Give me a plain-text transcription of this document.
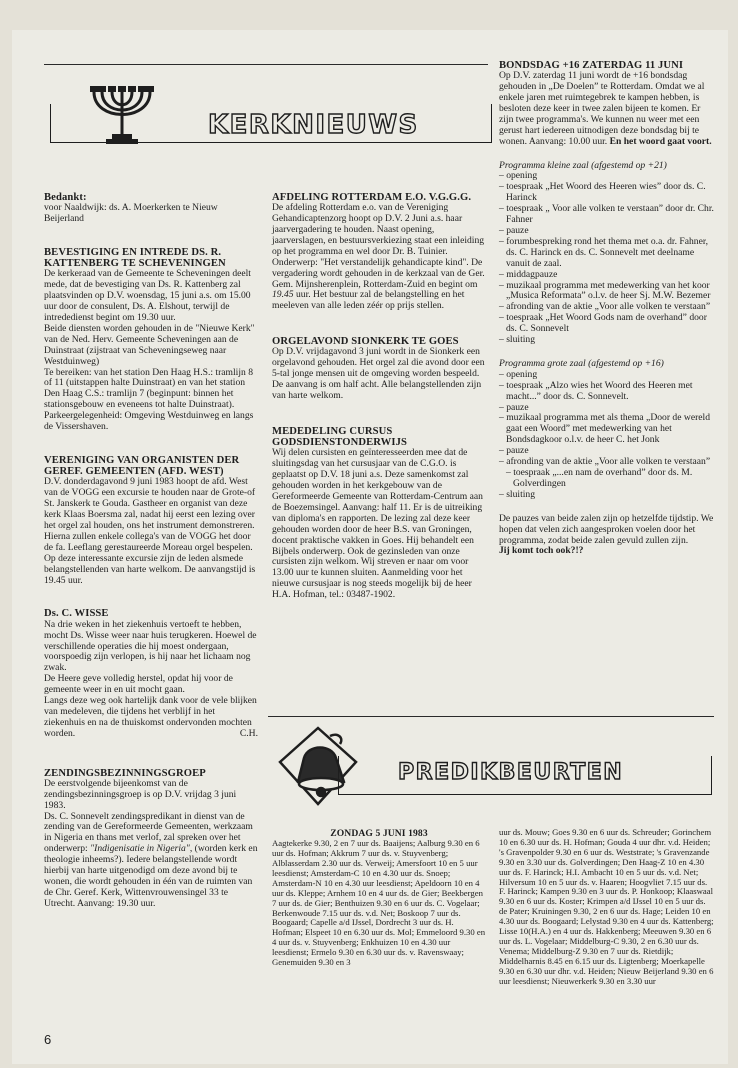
KERKNIEUWS

BONDSDAG +16 ZATERDAG 11 JUNI

Op D.V. zaterdag 11 juni wordt de +16 bondsdag gehouden in „De Doelen” te Rotterdam. Omdat we al enkele jaren met ruimtegebrek te kampen hebben, is besloten deze keer in twee zalen bijeen te komen. Er zijn twee programma's. We kunnen nu weer met een gerust hart iedereen uitnodigen deze bondsdag bij te wonen. Aanvang: 10.00 uur. En het woord gaat voort.

Programma kleine zaal (afgestemd op +21)

– opening
– toespraak „Het Woord des Heeren wies” door ds. C. Harinck
– toespraak „ Voor alle volken te verstaan” door dr. Chr. Fahner
– pauze
– forumbespreking rond het thema met o.a. dr. Fahner, ds. C. Harinck en ds. C. Sonnevelt met deelname vanuit de zaal.
– middagpauze
– muzikaal programma met medewerking van het koor „Musica Reformata” o.l.v. de heer Sj. M.W. Bezemer
– afronding van de aktie „Voor alle volken te verstaan”
– toespraak „Het Woord Gods nam de overhand” door ds. C. Sonnevelt
– sluiting

Programma grote zaal (afgestemd op +16)

– opening
– toespraak „Alzo wies het Woord des Heeren met macht...” door ds. C. Sonnevelt.
– pauze
– muzikaal programma met als thema „Door de wereld gaat een Woord” met medewerking van het Bondsdagkoor o.l.v. de heer C. het Jonk
– pauze
– afronding van de aktie „Voor alle volken te verstaan”
– toespraak „...en nam de overhand” door ds. M. Golverdingen
– sluiting

De pauzes van beide zalen zijn op hetzelfde tijdstip. We hopen dat velen zich aangesproken voelen door het programma, zodat beide zalen gevuld zullen zijn.

Jij komt toch ook?!?

Bedankt:

voor Naaldwijk: ds. A. Moerkerken te Nieuw Beijerland

BEVESTIGING EN INTREDE DS. R. KATTENBERG TE SCHEVENINGEN

De kerkeraad van de Gemeente te Scheveningen deelt mede, dat de bevestiging van Ds. R. Kattenberg zal plaatsvinden op D.V. woensdag, 15 juni a.s. om 15.00 uur door de consulent, Ds. A. Elshout, terwijl de intrededienst begint om 19.30 uur.

Beide diensten worden gehouden in de "Nieuwe Kerk" van de Ned. Herv. Gemeente Scheveningen aan de Duinstraat (zijstraat van Scheveningseweg naar Westduinweg)

Te bereiken: van het station Den Haag H.S.: tramlijn 8 of 11 (uitstappen halte Duinstraat) en van het station Den Haag C.S.: tramlijn 7 (beginpunt: binnen het stationsgebouw en eveneens tot halte Duinstraat). Parkeergelegenheid: Omgeving Westduinweg en langs de Vissershaven.

VERENIGING VAN ORGANISTEN DER GEREF. GEMEENTEN (AFD. WEST)

D.V. donderdagavond 9 juni 1983 hoopt de afd. West van de VOGG een excursie te houden naar de Grote-of St. Janskerk te Gouda. Gastheer en organist van deze kerk Klaas Boersma zal, nadat hij eerst een lezing over het orgel zal houden, ons het instrument demonstreren. Hierna zullen enkele collega's van de VOGG het door de fa. Leeflang gerestaureerde Moreau orgel bespelen. Op deze interessante excursie zijn de leden alsmede belangstellenden van harte welkom. De aanvangstijd is 19.45 uur.

Ds. C. WISSE

Na drie weken in het ziekenhuis vertoeft te hebben, mocht Ds. Wisse weer naar huis terugkeren. Hoewel de verschillende operaties die hij moest ondergaan, voorspoedig zijn verlopen, is hij naar het lichaam nog zwak.

De Heere geve volledig herstel, opdat hij voor de gemeente weer in en uit mocht gaan.

Langs deze weg ook hartelijk dank voor de vele blijken van medeleven, die tijdens het verblijf in het ziekenhuis en na de thuiskomst ondervonden mochten worden.	C.H.

ZENDINGSBEZINNINGSGROEP

De eerstvolgende bijeenkomst van de zendingsbezinningsgroep is op D.V. vrijdag 3 juni 1983.

Ds. C. Sonnevelt zendingspredikant in dienst van de zending van de Gereformeerde Gemeenten, werkzaam in Nigeria en thans met verlof, zal spreken over het onderwerp: "Indigenisatie in Nigeria", (worden kerk en theologie inheems?). Iedere belangstellende wordt hierbij van harte uitgenodigd om deze avond bij te wonen, die wordt gehouden in één van de ruimten van de Chr. Geref. Kerk, Wittenvrouwensingel 33 te Utrecht. Aanvang: 19.30 uur.

AFDELING ROTTERDAM E.O. V.G.G.G.

De afdeling Rotterdam e.o. van de Vereniging Gehandicaptenzorg hoopt op D.V. 2 Juni a.s. haar jaarvergadering te houden. Naast opening, jaarverslagen, en bestuursverkiezing staat een inleiding op het programma en wel door Dr. B. Tuinier. Onderwerp: "Het verstandelijk gehandicapte kind". De vergadering wordt gehouden in de kerkzaal van de Ger. Gem. Mijnsherenplein, Rotterdam-Zuid en begint om 19.45 uur. Het bestuur zal de belangstelling en het meeleven van alle leden zéér op prijs stellen.

ORGELAVOND SIONKERK TE GOES

Op D.V. vrijdagavond 3 juni wordt in de Sionkerk een orgelavond gehouden. Het orgel zal die avond door een 5-tal jonge mensen uit de omgeving worden bespeeld. De aanvang is om half acht. Alle belangstellenden zijn van harte welkom.

MEDEDELING CURSUS GODSDIENSTONDERWIJS

Wij delen cursisten en geïnteresseerden mee dat de sluitingsdag van het cursusjaar van de C.G.O. is geplaatst op D.V. 18 juni a.s. Deze samenkomst zal gehouden worden in het kerkgebouw van de Gereformeerde Gemeente van Rotterdam-Centrum aan de Boezemsingel. Aanvang: half 11. Er is de uitreiking van diploma's en rapporten. De lezing zal deze keer gehouden worden door de heer B.S. van Groningen, docent praktische vakken in Goes. Hij behandelt een Bijbels onderwerp. Ook de gezinsleden van onze cursisten zijn welkom. Wij streven er naar om voor 13.00 uur te kunnen sluiten. Aanmelding voor het nieuwe cursusjaar is nog steeds mogelijk bij de heer H.A. Hofman, tel.: 03487-1902.

PREDIKBEURTEN

ZONDAG 5 JUNI 1983

Aagtekerke 9.30, 2 en 7 uur ds. Baaijens; Aalburg 9.30 en 6 uur ds. Hofman; Akkrum 7 uur ds. v. Stuyvenberg; Alblasserdam 2.30 uur ds. Verweij; Amersfoort 10 en 5 uur leesdienst; Amsterdam-C 10 en 4.30 uur ds. Snoep; Amsterdam-N 10 en 4.30 uur leesdienst; Apeldoorn 10 en 4 uur ds. Kleppe; Arnhem 10 en 4 uur ds. de Gier; Beekbergen 7 uur ds. de Gier; Benthuizen 9.30 en 6 uur ds. C. Vogelaar; Berkenwoude 7.15 uur ds. v.d. Net; Boskoop 7 uur ds. Boogaard; Capelle a/d IJssel, Dordrecht 3 uur ds. H. Hofman; Elspeet 10 en 6.30 uur ds. Mol; Emmeloord 9.30 en 4 uur ds. v. Stuyvenberg; Enkhuizen 10 en 4.30 uur leesdienst; Ermelo 9.30 en 6.30 uur ds. v. Ravenswaay; Genemuiden 9.30 en 3

uur ds. Mouw; Goes 9.30 en 6 uur ds. Schreuder; Gorinchem 10 en 6.30 uur ds. H. Hofman; Gouda 4 uur dhr. v.d. Heiden; 's Gravenpolder 9.30 en 6 uur ds. Weststrate; 's Gravenzande 9.30 en 3.30 uur ds. Golverdingen; Den Haag-Z 10 en 4.30 uur ds. F. Harinck; H.I. Ambacht 10 en 5 uur ds. v.d. Net; Hilversum 10 en 5 uur ds. v. Haaren; Hoogvliet 7.15 uur ds. F. Harinck; Kampen 9.30 en 3 uur ds. P. Honkoop; Klaaswaal 9.30 en 6 uur ds. Koster; Krimpen a/d IJssel 10 en 5 uur ds. de Pater; Kruiningen 9.30, 2 en 6 uur ds. Hage; Leiden 10 en 4.30 uur ds. Boogaard; Lelystad 9.30 en 4 uur ds. Kattenberg; Lisse 10(H.A.) en 4 uur ds. Hakkenberg; Meeuwen 9.30 en 6 uur ds. L. Vogelaar; Middelburg-C 9.30, 2 en 6.30 uur ds. Venema; Middelburg-Z 9.30 en 7 uur ds. Rietdijk; Middelharnis 8.45 en 6.15 uur ds. Ligtenberg; Moerkapelle 9.30 en 6.30 uur dhr. v.d. Heiden; Nieuw Beijerland 9.30 en 6 uur leesdienst; Nieuwerkerk 9.30 en 3.30 uur

6
